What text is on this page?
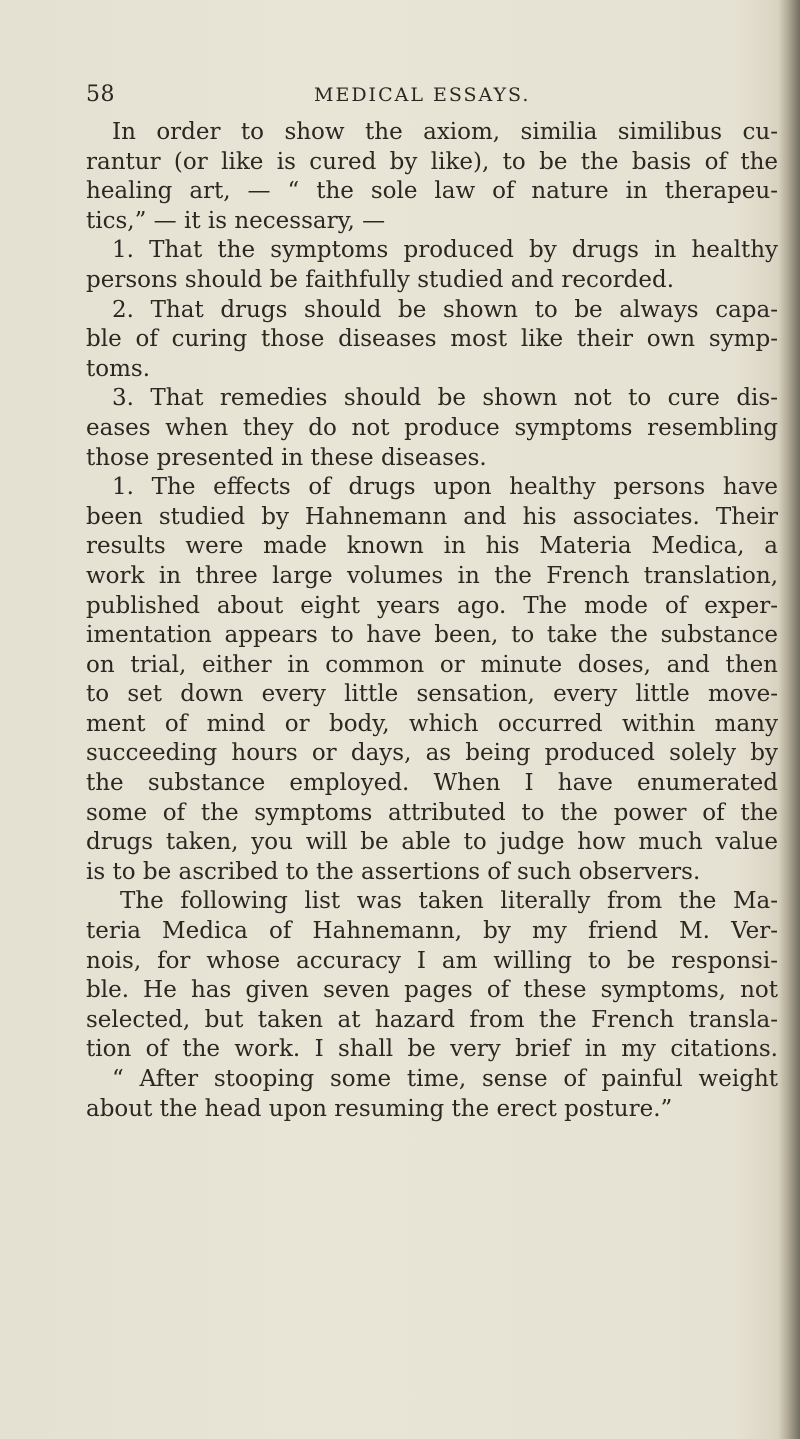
58	MEDICAL ESSAYS.
In order to show the axiom, similia similibus cu-
rantur (or like is cured by like), to be the basis of the
healing art, — “ the sole law of nature in therapeu-
tics,” — it is necessary, —
1. That the symptoms produced by drugs in healthy
persons should be faithfully studied and recorded.
2. That drugs should be shown to be always capa-
ble of curing those diseases most like their own symp-
toms.
3. That remedies should be shown not to cure dis-
eases when they do not produce symptoms resembling
those presented in these diseases.
1. The effects of drugs upon healthy persons have
been studied by Hahnemann and his associates. Their
results were made known in his Materia Medica, a
work in three large volumes in the French translation,
published about eight years ago. The mode of exper-
imentation appears to have been, to take the substance
on trial, either in common or minute doses, and then
to set down every little sensation, every little move-
ment of mind or body, which occurred within many
succeeding hours or days, as being produced solely by
the substance employed. When I have enumerated
some of the symptoms attributed to the power of the
drugs taken, you will be able to judge how much value
is to be ascribed to the assertions of such observers.
The following list was taken literally from the Ma-
teria Medica of Hahnemann, by my friend M. Ver-
nois, for whose accuracy I am willing to be responsi-
ble. He has given seven pages of these symptoms, not
selected, but taken at hazard from the French transla-
tion of the work. I shall be very brief in my citations.
“ After stooping some time, sense of painful weight
about the head upon resuming the erect posture.”
